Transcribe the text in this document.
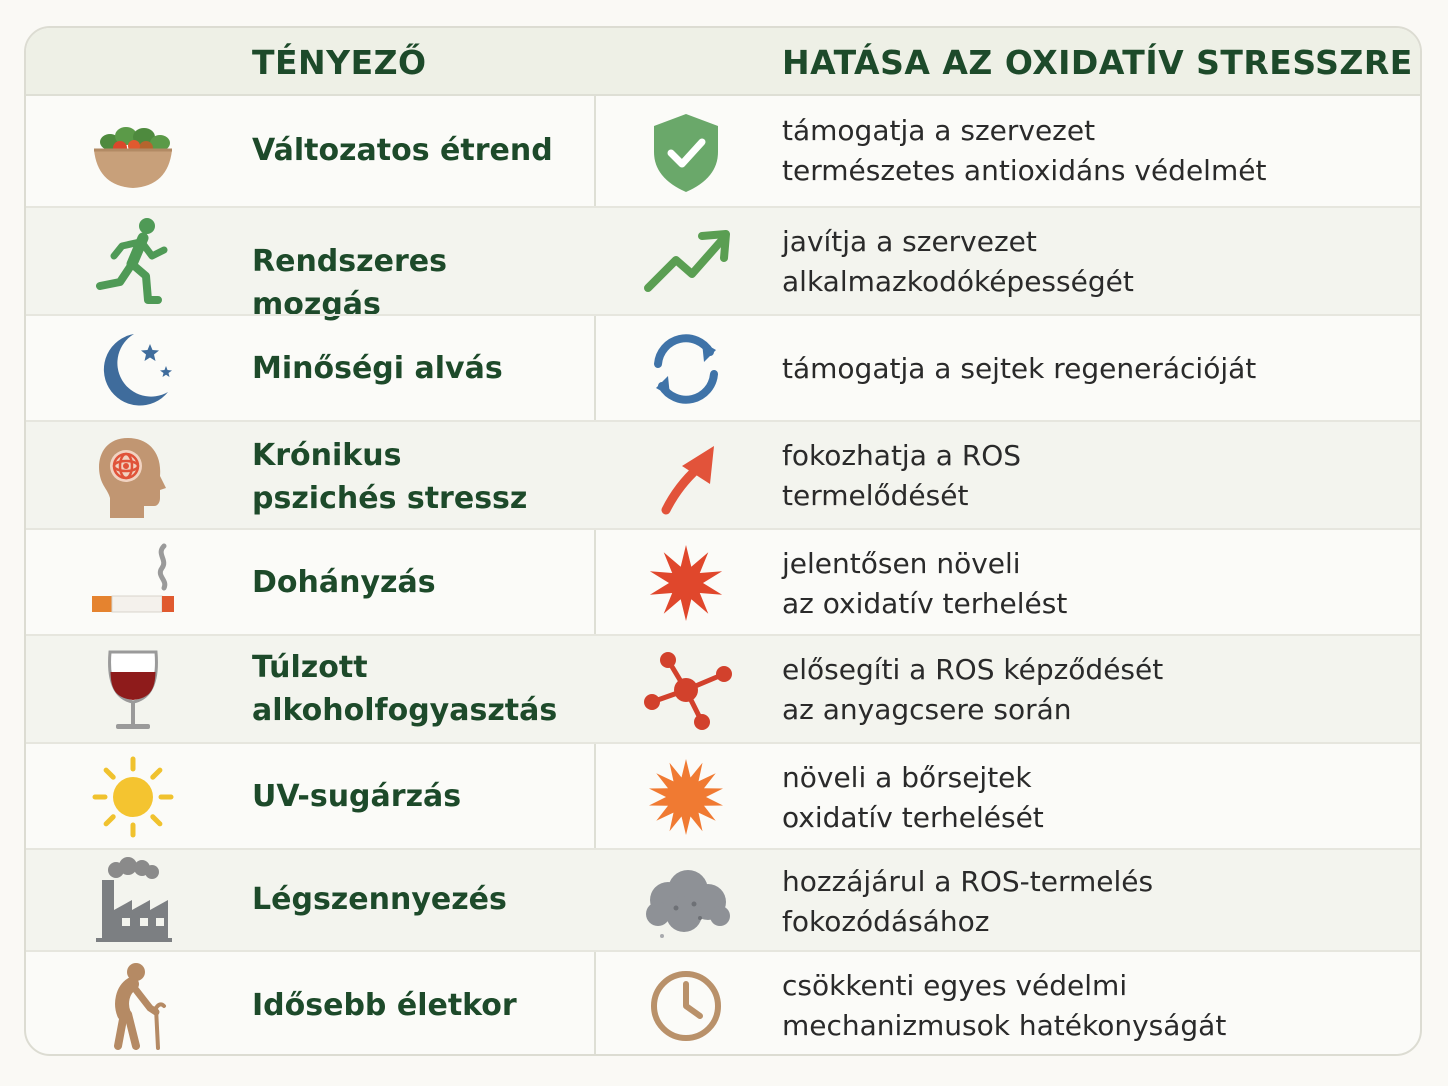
TÉNYEZŐ	HATÁSA AZ OXIDATÍV STRESSZRE
Változatos étrend
támogatja a szervezet
természetes antioxidáns védelmét
Rendszeres mozgás
javítja a szervezet
alkalmazkodóképességét
Minőségi alvás	támogatja a sejtek regenerációját
Krónikus
pszichés stressz
fokozhatja a ROS
termelődését
Dohányzás
jelentősen növeli
az oxidatív terhelést
Túlzott
alkoholfogyasztás
elősegíti a ROS képződését
az anyagcsere során
UV-sugárzás
növeli a bőrsejtek
oxidatív terhelését
Légszennyezés
hozzájárul a ROS-termelés
fokozódásához
Idősebb életkor
csökkenti egyes védelmi
mechanizmusok hatékonyságát
